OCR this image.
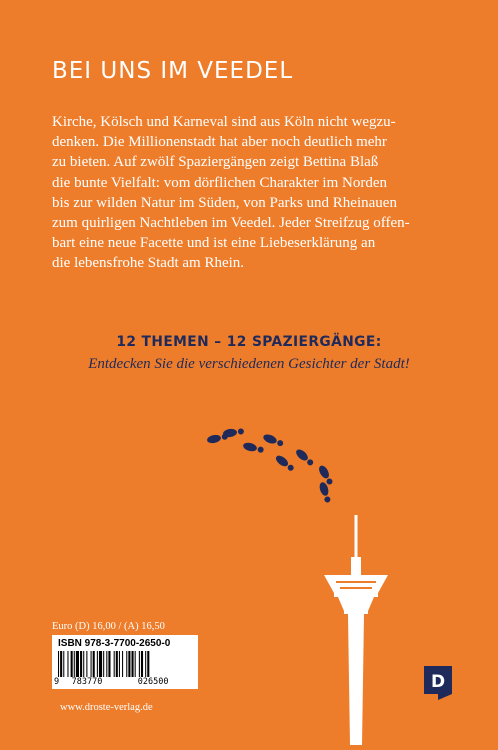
BEI UNS IM VEEDEL
Kirche, Kölsch und Karneval sind aus Köln nicht wegzu-
denken. Die Millionenstadt hat aber noch deutlich mehr
zu bieten. Auf zwölf Spaziergängen zeigt Bettina Blaß
die bunte Vielfalt: vom dörflichen Charakter im Norden
bis zur wilden Natur im Süden, von Parks und Rheinauen
zum quirligen Nachtleben im Veedel. Jeder Streifzug offen-
bart eine neue Facette und ist eine Liebeserklärung an
die lebensfrohe Stadt am Rhein.
12 THEMEN – 12 SPAZIERGÄNGE:
Entdecken Sie die verschiedenen Gesichter der Stadt!
Euro (D) 16,00 / (A) 16,50
ISBN 978-3-7700-2650-0
9	783770	026500
www.droste-verlag.de
D
